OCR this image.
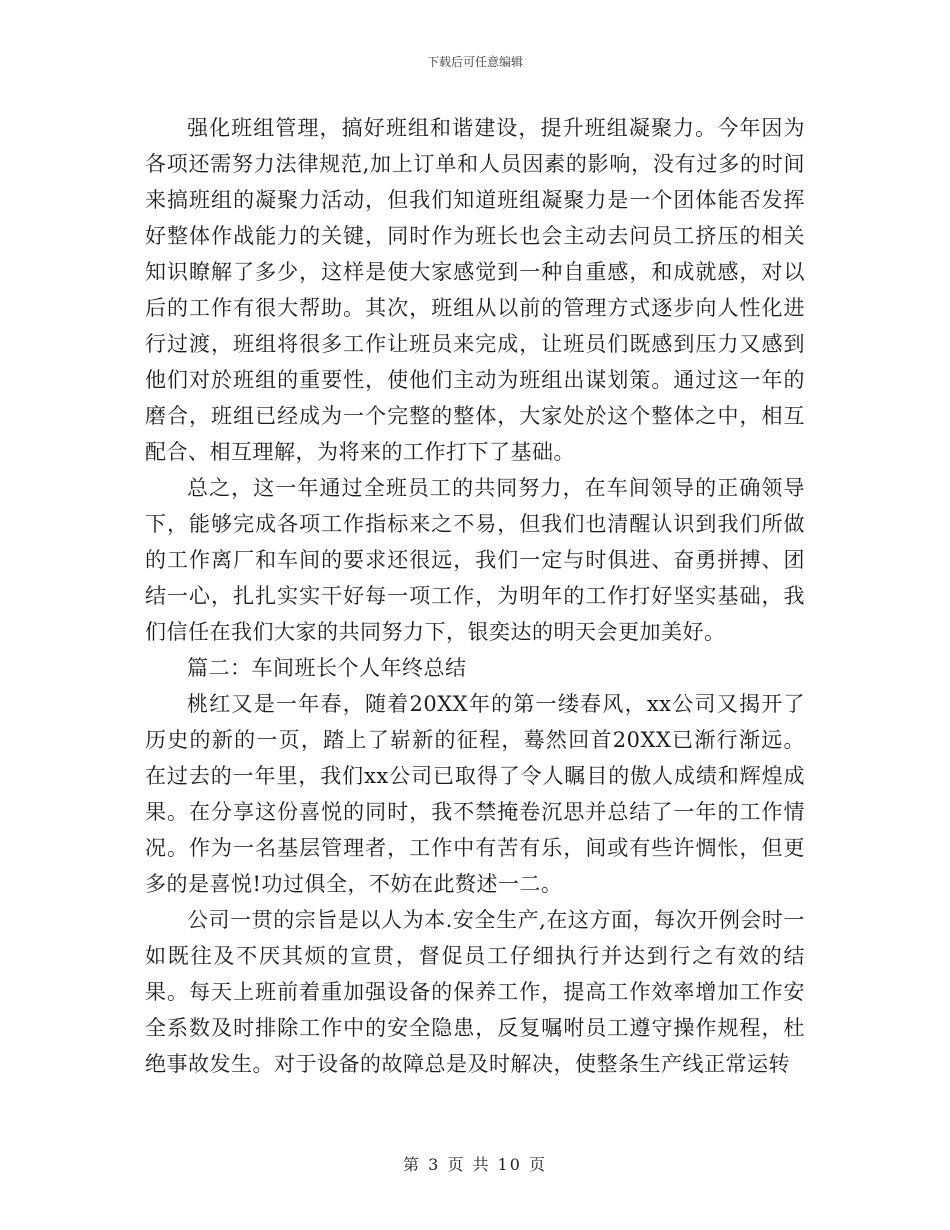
下载后可任意编辑

强化班组管理，搞好班组和谐建设，提升班组凝聚力。今年因为各项还需努力法律规范,加上订单和人员因素的影响，没有过多的时间来搞班组的凝聚力活动，但我们知道班组凝聚力是一个团体能否发挥好整体作战能力的关键，同时作为班长也会主动去问员工挤压的相关知识瞭解了多少，这样是使大家感觉到一种自重感，和成就感，对以后的工作有很大帮助。其次，班组从以前的管理方式逐步向人性化进行过渡，班组将很多工作让班员来完成，让班员们既感到压力又感到他们对於班组的重要性，使他们主动为班组出谋划策。通过这一年的磨合，班组已经成为一个完整的整体，大家处於这个整体之中，相互配合、相互理解，为将来的工作打下了基础。

总之，这一年通过全班员工的共同努力，在车间领导的正确领导下，能够完成各项工作指标来之不易，但我们也清醒认识到我们所做的工作离厂和车间的要求还很远，我们一定与时俱进、奋勇拼搏、团结一心，扎扎实实干好每一项工作，为明年的工作打好坚实基础，我们信任在我们大家的共同努力下，银奕达的明天会更加美好。

篇二：车间班长个人年终总结

桃红又是一年春，随着20XX年的第一缕春风，xx公司又揭开了历史的新的一页，踏上了崭新的征程，蓦然回首20XX已渐行渐远。在过去的一年里，我们xx公司已取得了令人瞩目的傲人成绩和辉煌成果。在分享这份喜悦的同时，我不禁掩卷沉思并总结了一年的工作情况。作为一名基层管理者，工作中有苦有乐，间或有些许惆怅，但更多的是喜悦!功过俱全，不妨在此赘述一二。

公司一贯的宗旨是以人为本.安全生产,在这方面，每次开例会时一如既往及不厌其烦的宣贯，督促员工仔细执行并达到行之有效的结果。每天上班前着重加强设备的保养工作，提高工作效率增加工作安全系数及时排除工作中的安全隐患，反复嘱咐员工遵守操作规程，杜绝事故发生。对于设备的故障总是及时解决，使整条生产线正常运转

第 3 页 共 10 页
